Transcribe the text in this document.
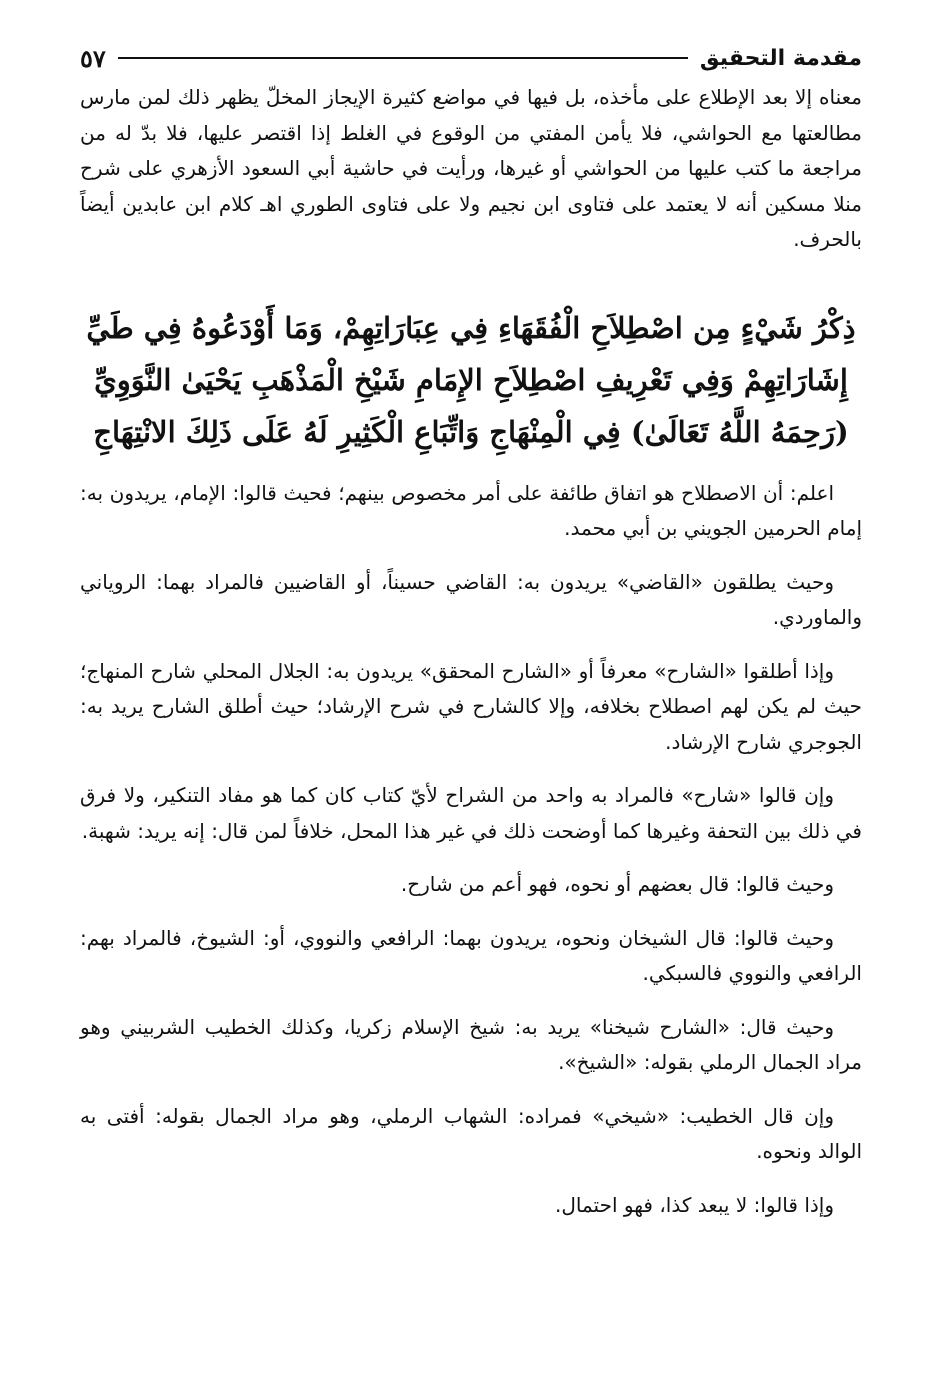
٥٧	مقدمة التحقيق

معناه إلا بعد الإطلاع على مأخذه، بل فيها في مواضع كثيرة الإيجاز المخلّ يظهر ذلك لمن مارس مطالعتها مع الحواشي، فلا يأمن المفتي من الوقوع في الغلط إذا اقتصر عليها، فلا بدّ له من مراجعة ما كتب عليها من الحواشي أو غيرها، ورأيت في حاشية أبي السعود الأزهري على شرح منلا مسكين أنه لا يعتمد على فتاوى ابن نجيم ولا على فتاوى الطوري اهـ كلام ابن عابدين أيضاً بالحرف.

ذِكْرُ شَيْءٍ مِن اصْطِلاَحِ الْفُقَهَاءِ فِي عِبَارَاتِهِمْ، وَمَا أَوْدَعُوهُ فِي طَيِّ إِشَارَاتِهِمْ وَفِي تَعْرِيفِ اصْطِلاَحِ الإِمَامِ شَيْخِ الْمَذْهَبِ يَحْيَىٰ النَّوَوِيِّ (رَحِمَهُ اللَّهُ تَعَالَىٰ) فِي الْمِنْهَاجِ وَاتِّبَاعِ الْكَثِيرِ لَهُ عَلَى ذَلِكَ الانْتِهَاجِ

اعلم: أن الاصطلاح هو اتفاق طائفة على أمر مخصوص بينهم؛ فحيث قالوا: الإمام، يريدون به: إمام الحرمين الجويني بن أبي محمد.

وحيث يطلقون «القاضي» يريدون به: القاضي حسيناً، أو القاضيين فالمراد بهما: الروياني والماوردي.

وإذا أطلقوا «الشارح» معرفاً أو «الشارح المحقق» يريدون به: الجلال المحلي شارح المنهاج؛ حيث لم يكن لهم اصطلاح بخلافه، وإلا كالشارح في شرح الإرشاد؛ حيث أطلق الشارح يريد به: الجوجري شارح الإرشاد.

وإن قالوا «شارح» فالمراد به واحد من الشراح لأيّ كتاب كان كما هو مفاد التنكير، ولا فرق في ذلك بين التحفة وغيرها كما أوضحت ذلك في غير هذا المحل، خلافاً لمن قال: إنه يريد: شهبة.

وحيث قالوا: قال بعضهم أو نحوه، فهو أعم من شارح.

وحيث قالوا: قال الشيخان ونحوه، يريدون بهما: الرافعي والنووي، أو: الشيوخ، فالمراد بهم: الرافعي والنووي فالسبكي.

وحيث قال: «الشارح شيخنا» يريد به: شيخ الإسلام زكريا، وكذلك الخطيب الشربيني وهو مراد الجمال الرملي بقوله: «الشيخ».

وإن قال الخطيب: «شيخي» فمراده: الشهاب الرملي، وهو مراد الجمال بقوله: أفتى به الوالد ونحوه.

وإذا قالوا: لا يبعد كذا، فهو احتمال.
